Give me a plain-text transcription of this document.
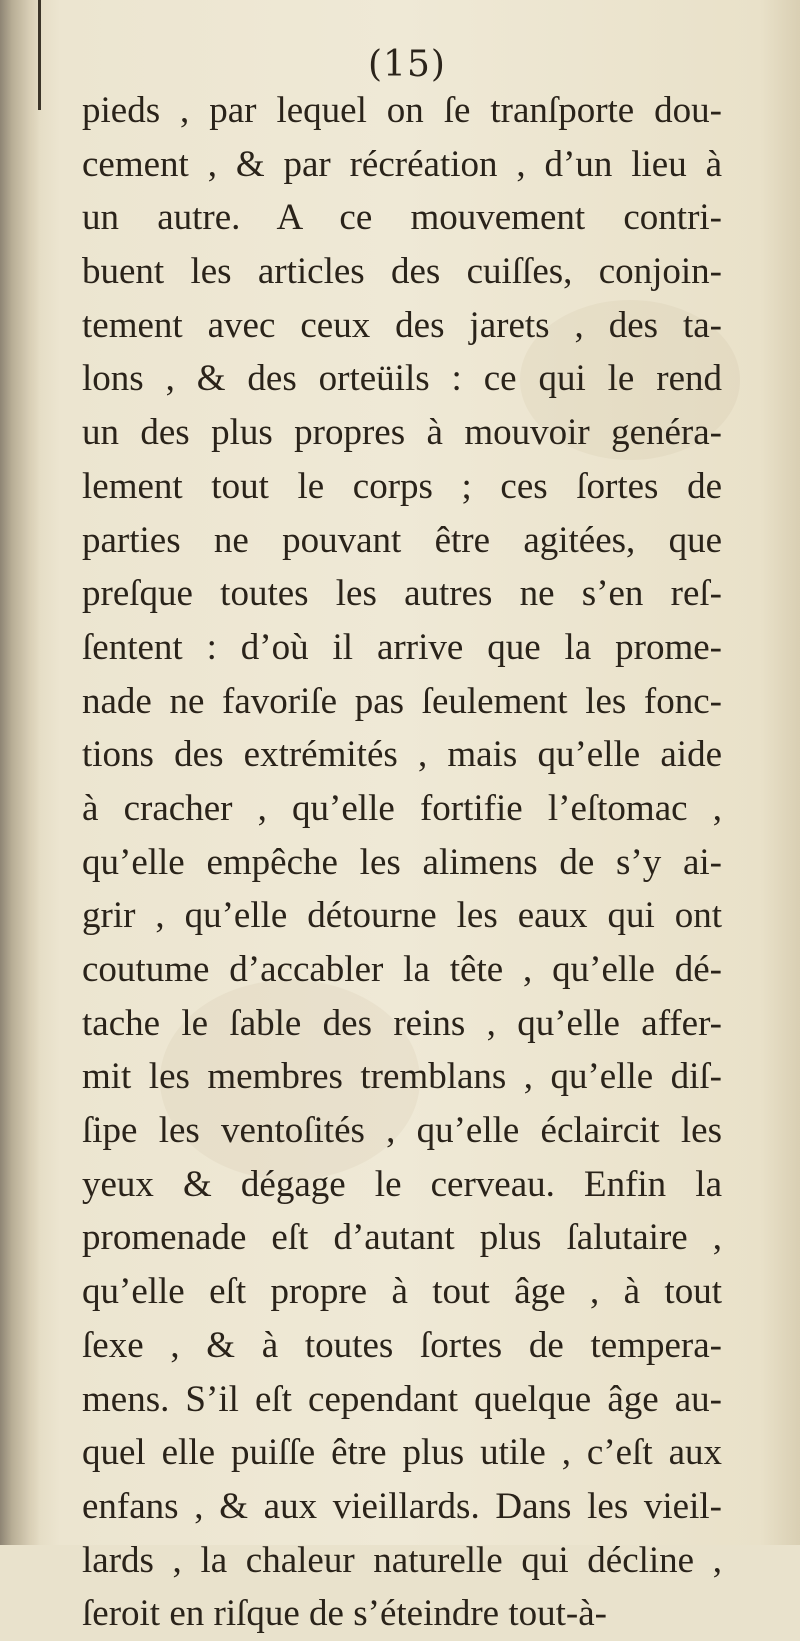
(15)
pieds , par lequel on ſe tranſporte dou-
cement , & par récréation , d’un lieu à
un autre. A ce mouvement contri-
buent les articles des cuiſſes, conjoin-
tement avec ceux des jarets , des ta-
lons , & des orteüils : ce qui le rend
un des plus propres à mouvoir genéra-
lement tout le corps ; ces ſortes de
parties ne pouvant être agitées, que
preſque toutes les autres ne s’en reſ-
ſentent : d’où il arrive que la prome-
nade ne favoriſe pas ſeulement les fonc-
tions des extrémités , mais qu’elle aide
à cracher , qu’elle fortifie l’eſtomac ,
qu’elle empêche les alimens de s’y ai-
grir , qu’elle détourne les eaux qui ont
coutume d’accabler la tête , qu’elle dé-
tache le ſable des reins , qu’elle affer-
mit les membres tremblans , qu’elle diſ-
ſipe les ventoſités , qu’elle éclaircit les
yeux & dégage le cerveau. Enfin la
promenade eſt d’autant plus ſalutaire ,
qu’elle eſt propre à tout âge , à tout
ſexe , & à toutes ſortes de tempera-
mens. S’il eſt cependant quelque âge au-
quel elle puiſſe être plus utile , c’eſt aux
enfans , & aux vieillards. Dans les vieil-
lards , la chaleur naturelle qui décline ,
ſeroit en riſque de s’éteindre tout-à-
